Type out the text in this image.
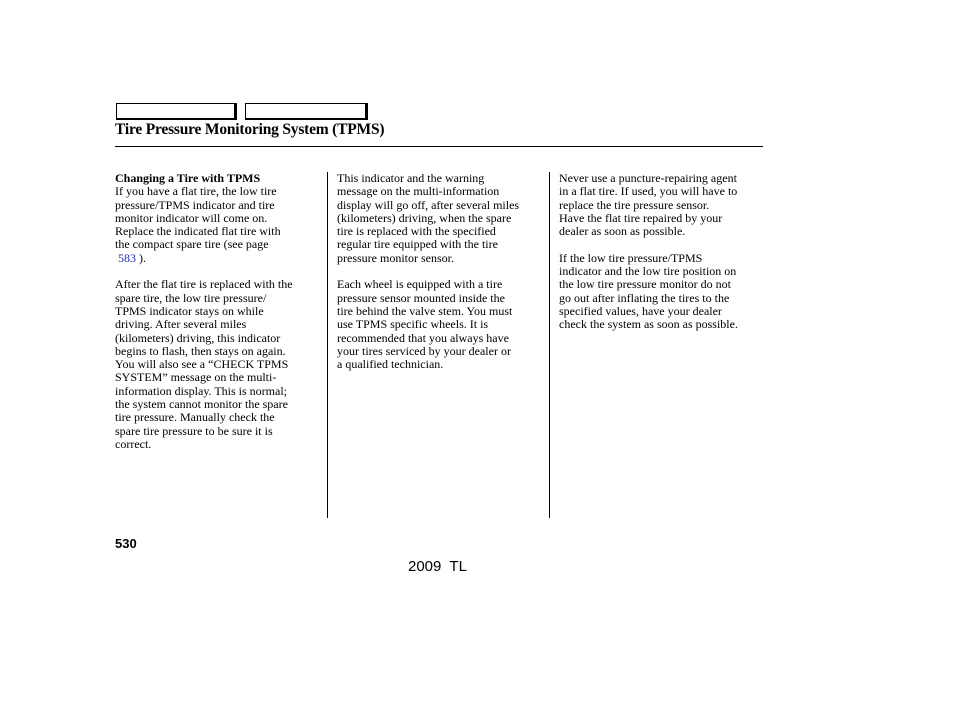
Tire Pressure Monitoring System (TPMS)

Changing a Tire with TPMS

If you have a flat tire, the low tire
pressure/TPMS indicator and tire
monitor indicator will come on.
Replace the indicated flat tire with
the compact spare tire (see page
583 ).

After the flat tire is replaced with the
spare tire, the low tire pressure/
TPMS indicator stays on while
driving. After several miles
(kilometers) driving, this indicator
begins to flash, then stays on again.
You will also see a “CHECK TPMS
SYSTEM” message on the multi-
information display. This is normal;
the system cannot monitor the spare
tire pressure. Manually check the
spare tire pressure to be sure it is
correct.

This indicator and the warning
message on the multi-information
display will go off, after several miles
(kilometers) driving, when the spare
tire is replaced with the specified
regular tire equipped with the tire
pressure monitor sensor.

Each wheel is equipped with a tire
pressure sensor mounted inside the
tire behind the valve stem. You must
use TPMS specific wheels. It is
recommended that you always have
your tires serviced by your dealer or
a qualified technician.

Never use a puncture-repairing agent
in a flat tire. If used, you will have to
replace the tire pressure sensor.
Have the flat tire repaired by your
dealer as soon as possible.

If the low tire pressure/TPMS
indicator and the low tire position on
the low tire pressure monitor do not
go out after inflating the tires to the
specified values, have your dealer
check the system as soon as possible.

530
2009  TL
